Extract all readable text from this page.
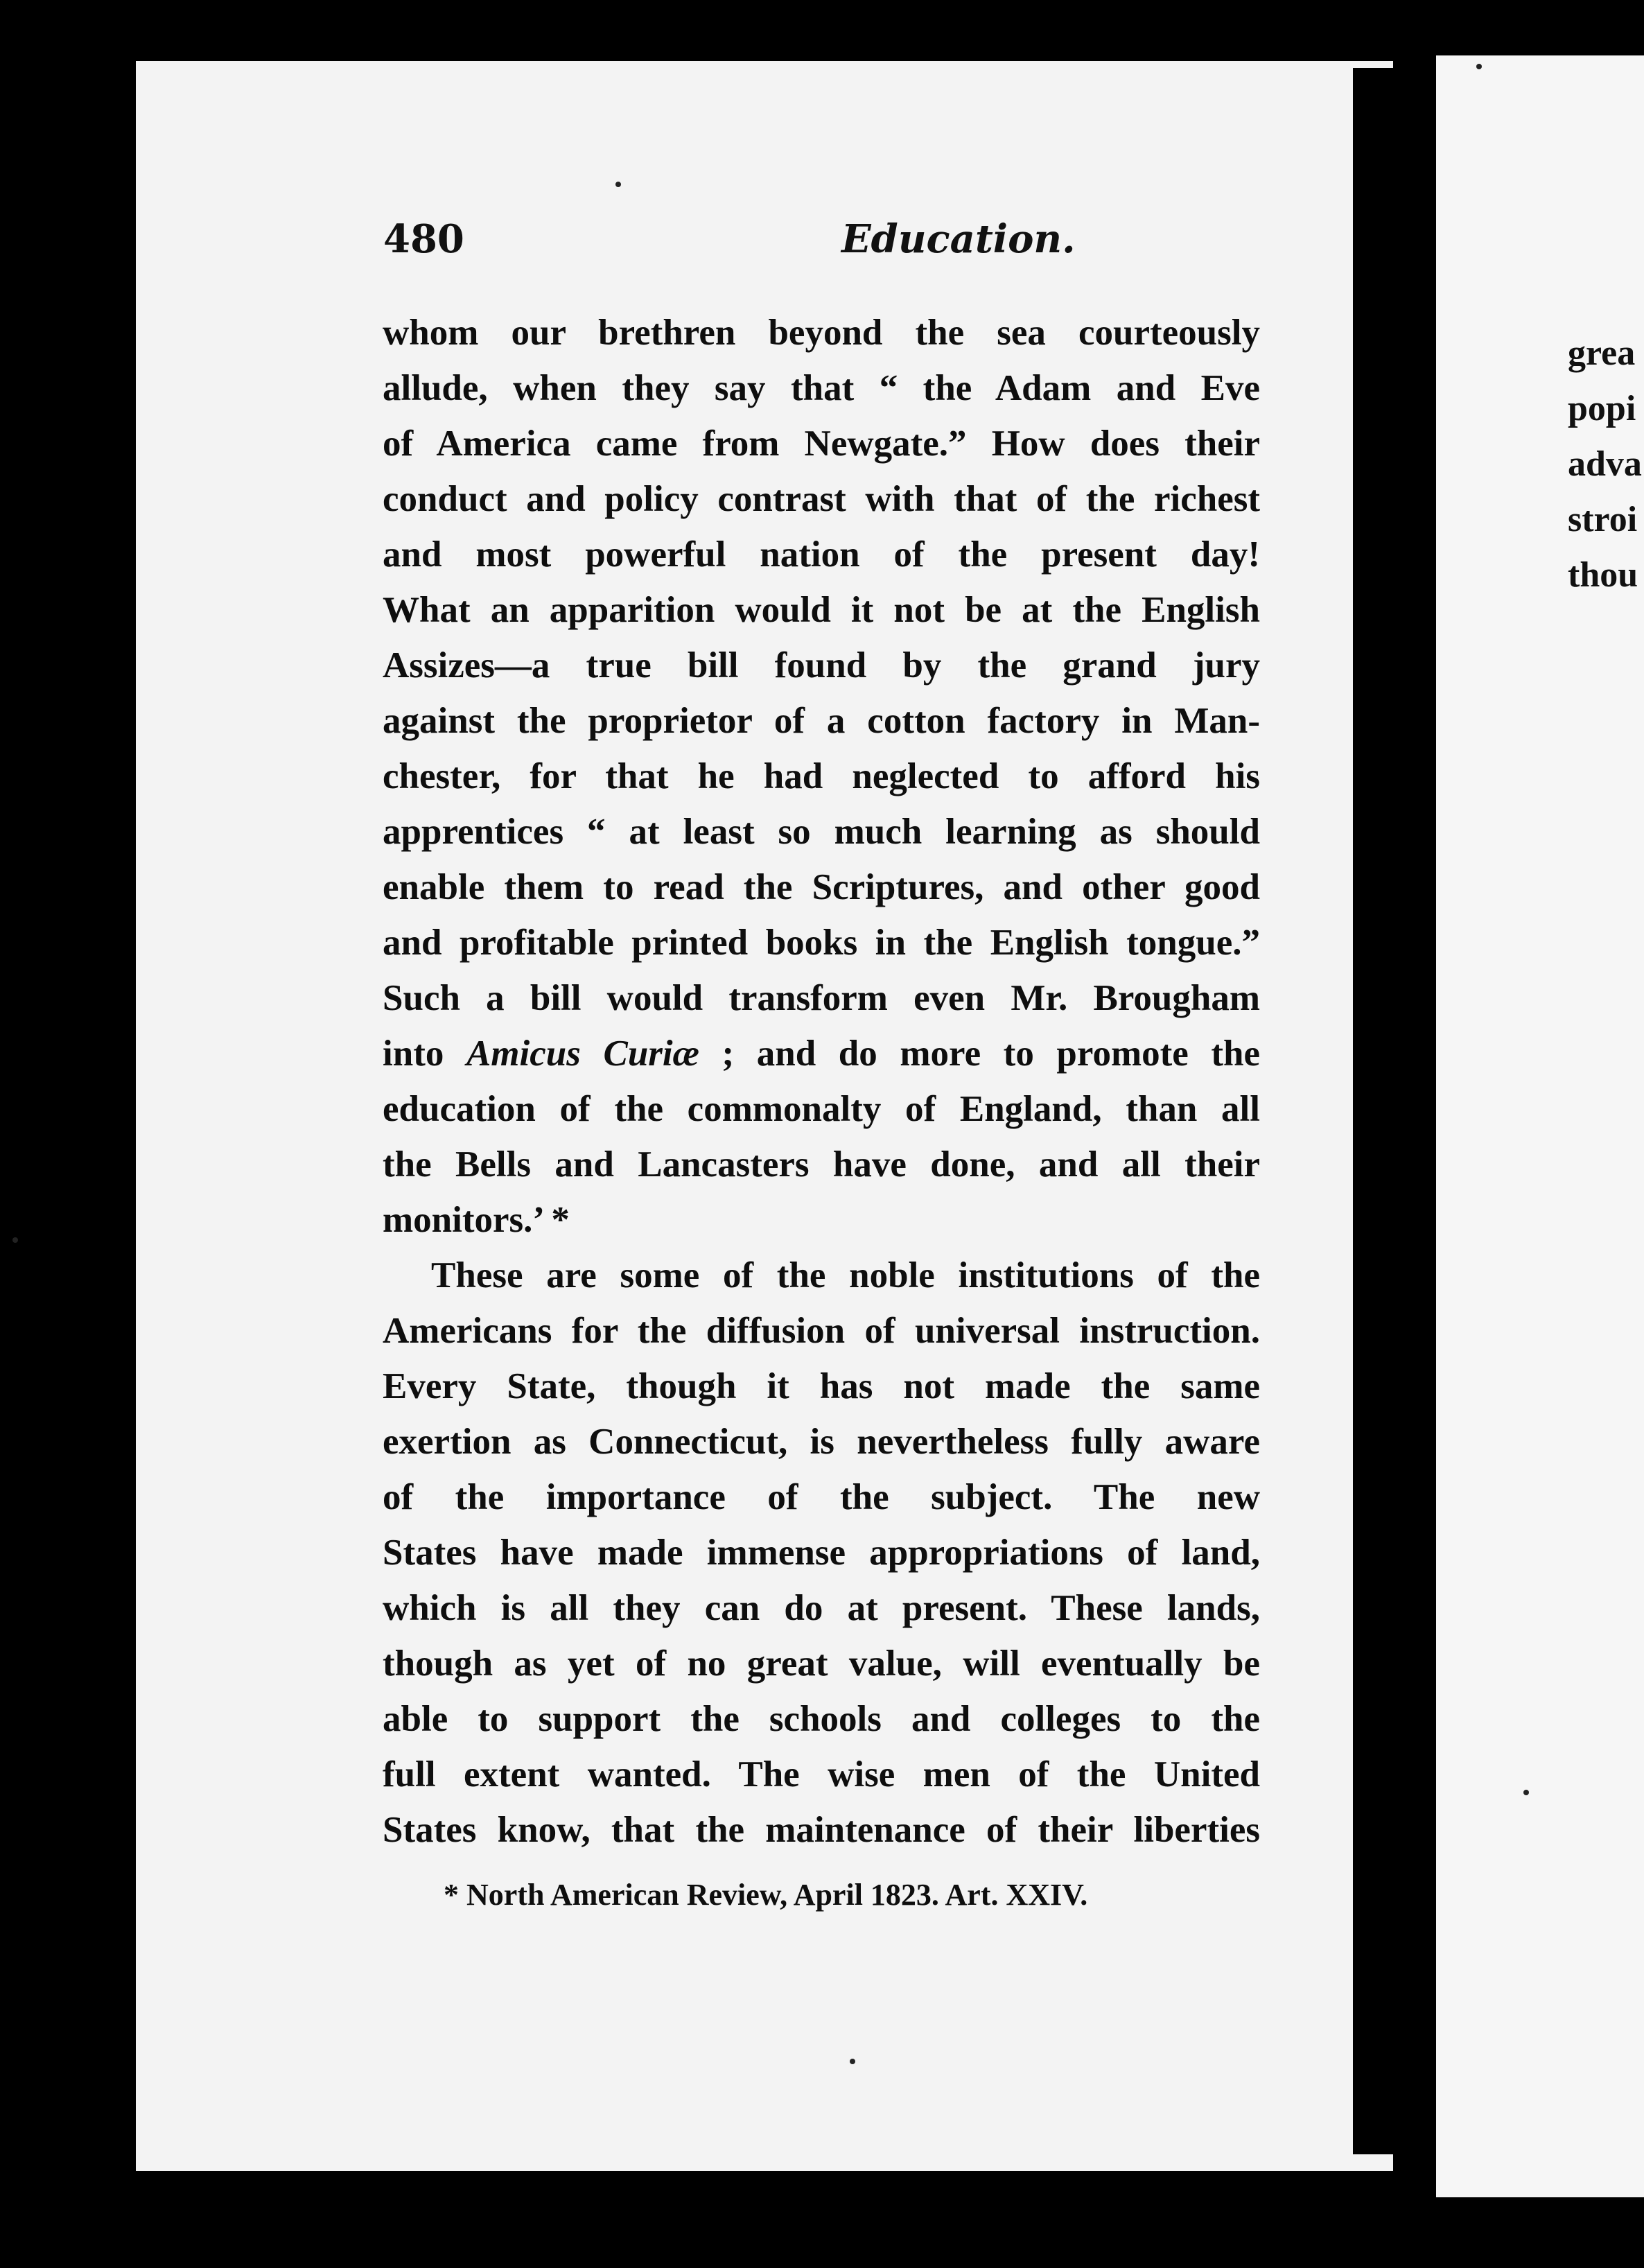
480	Education.
whom our brethren beyond the sea courteously
allude, when they say that “ the Adam and Eve
of America came from Newgate.” How does their
conduct and policy contrast with that of the richest
and most powerful nation of the present day!
What an apparition would it not be at the English
Assizes—a true bill found by the grand jury
against the proprietor of a cotton factory in Man-
chester, for that he had neglected to afford his
apprentices “ at least so much learning as should
enable them to read the Scriptures, and other good
and profitable printed books in the English tongue.”
Such a bill would transform even Mr. Brougham
into Amicus Curiæ ; and do more to promote the
education of the commonalty of England, than all
the Bells and Lancasters have done, and all their
monitors.’ *
These are some of the noble institutions of the
Americans for the diffusion of universal instruction.
Every State, though it has not made the same
exertion as Connecticut, is nevertheless fully aware
of the importance of the subject. The new
States have made immense appropriations of land,
which is all they can do at present. These lands,
though as yet of no great value, will eventually be
able to support the schools and colleges to the
full extent wanted. The wise men of the United
States know, that the maintenance of their liberties
* North American Review, April 1823. Art. XXIV.
grea
popi
adva
stroi
thou
